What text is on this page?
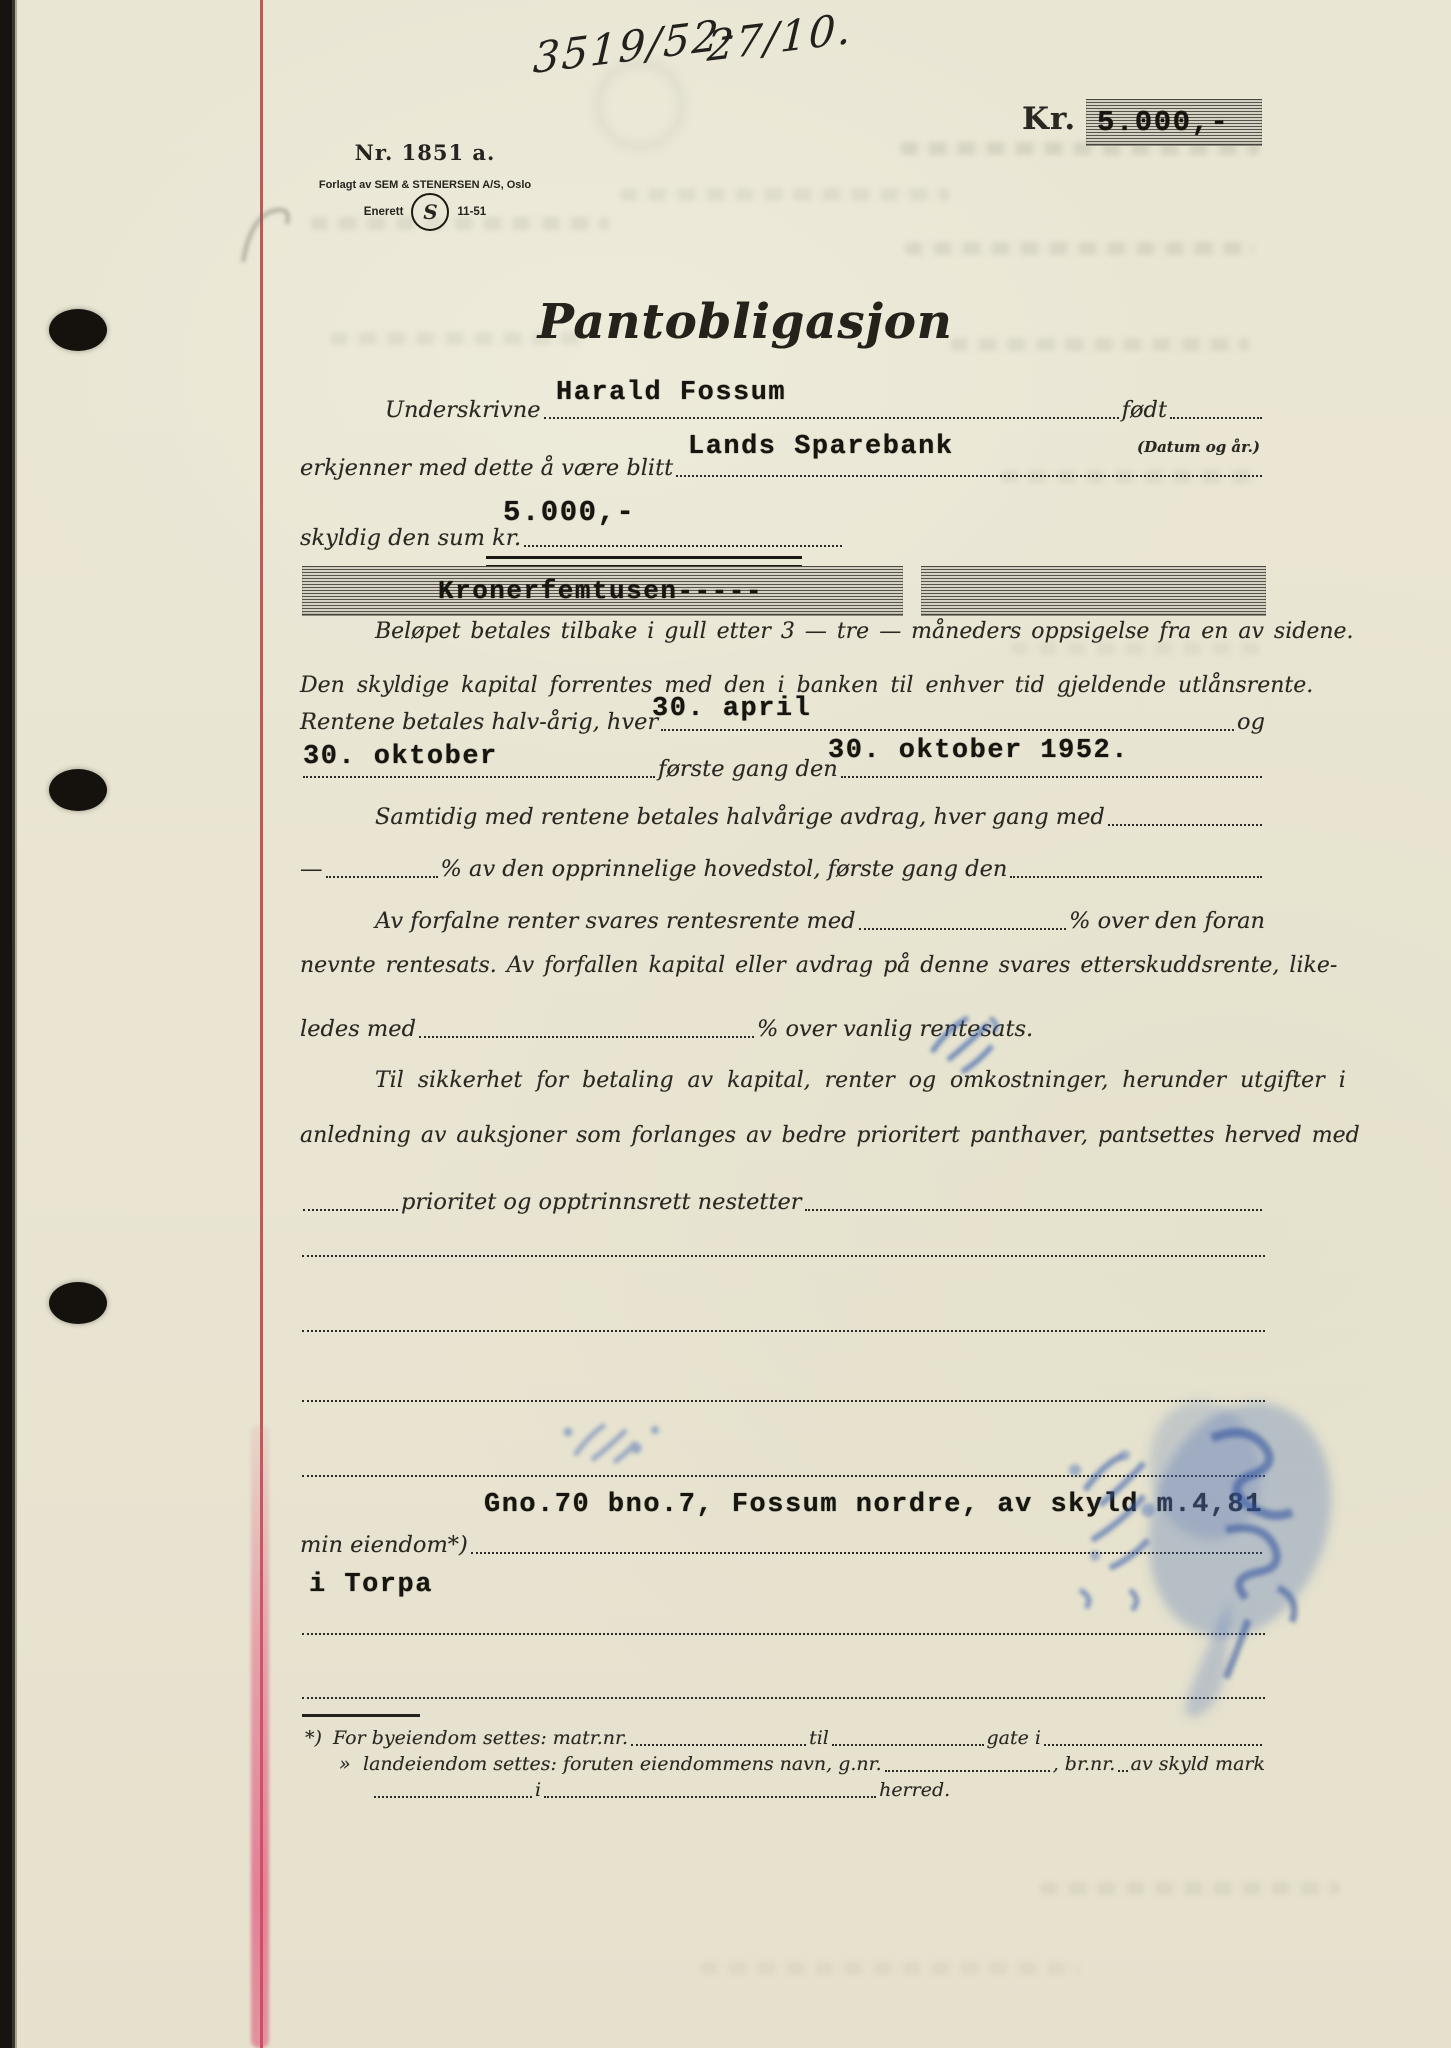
3519/52-
27/10.
Nr. 1851 a.
Forlagt av SEM & STENERSEN A/S, Oslo
Enerett S 11-51
Kr. 5.000,-
Pantobligasjon
Harald Fossum
Underskrivne	født
(Datum og år.)
Lands Sparebank
erkjenner med dette å være blitt
5.000,-
skyldig den sum kr.
Kronerfemtusen-----
Beløpet betales tilbake i gull etter 3 — tre — måneders oppsigelse fra en av sidene.
Den skyldige kapital forrentes med den i banken til enhver tid gjeldende utlånsrente.
30. april
Rentene betales halv-årig, hver	og
30. oktober	30. oktober 1952.
første gang den
Samtidig med rentene betales halvårige avdrag, hver gang med
—	% av den opprinnelige hovedstol, første gang den
Av forfalne renter svares rentesrente med	% over den foran
nevnte rentesats. Av forfallen kapital eller avdrag på denne svares etterskuddsrente, like-
ledes med	% over vanlig rentesats.
Til sikkerhet for betaling av kapital, renter og omkostninger, herunder utgifter i
anledning av auksjoner som forlanges av bedre prioritert panthaver, pantsettes herved med
prioritet og opptrinnsrett nestetter
Gno.70 bno.7, Fossum nordre, av skyld m.4,81
min eiendom*)
i Torpa
*) For byeiendom settes: matr.nr.	til	gate i
» landeiendom settes: foruten eiendommens navn, g.nr.	, br.nr. av skyld mark
i	herred.
